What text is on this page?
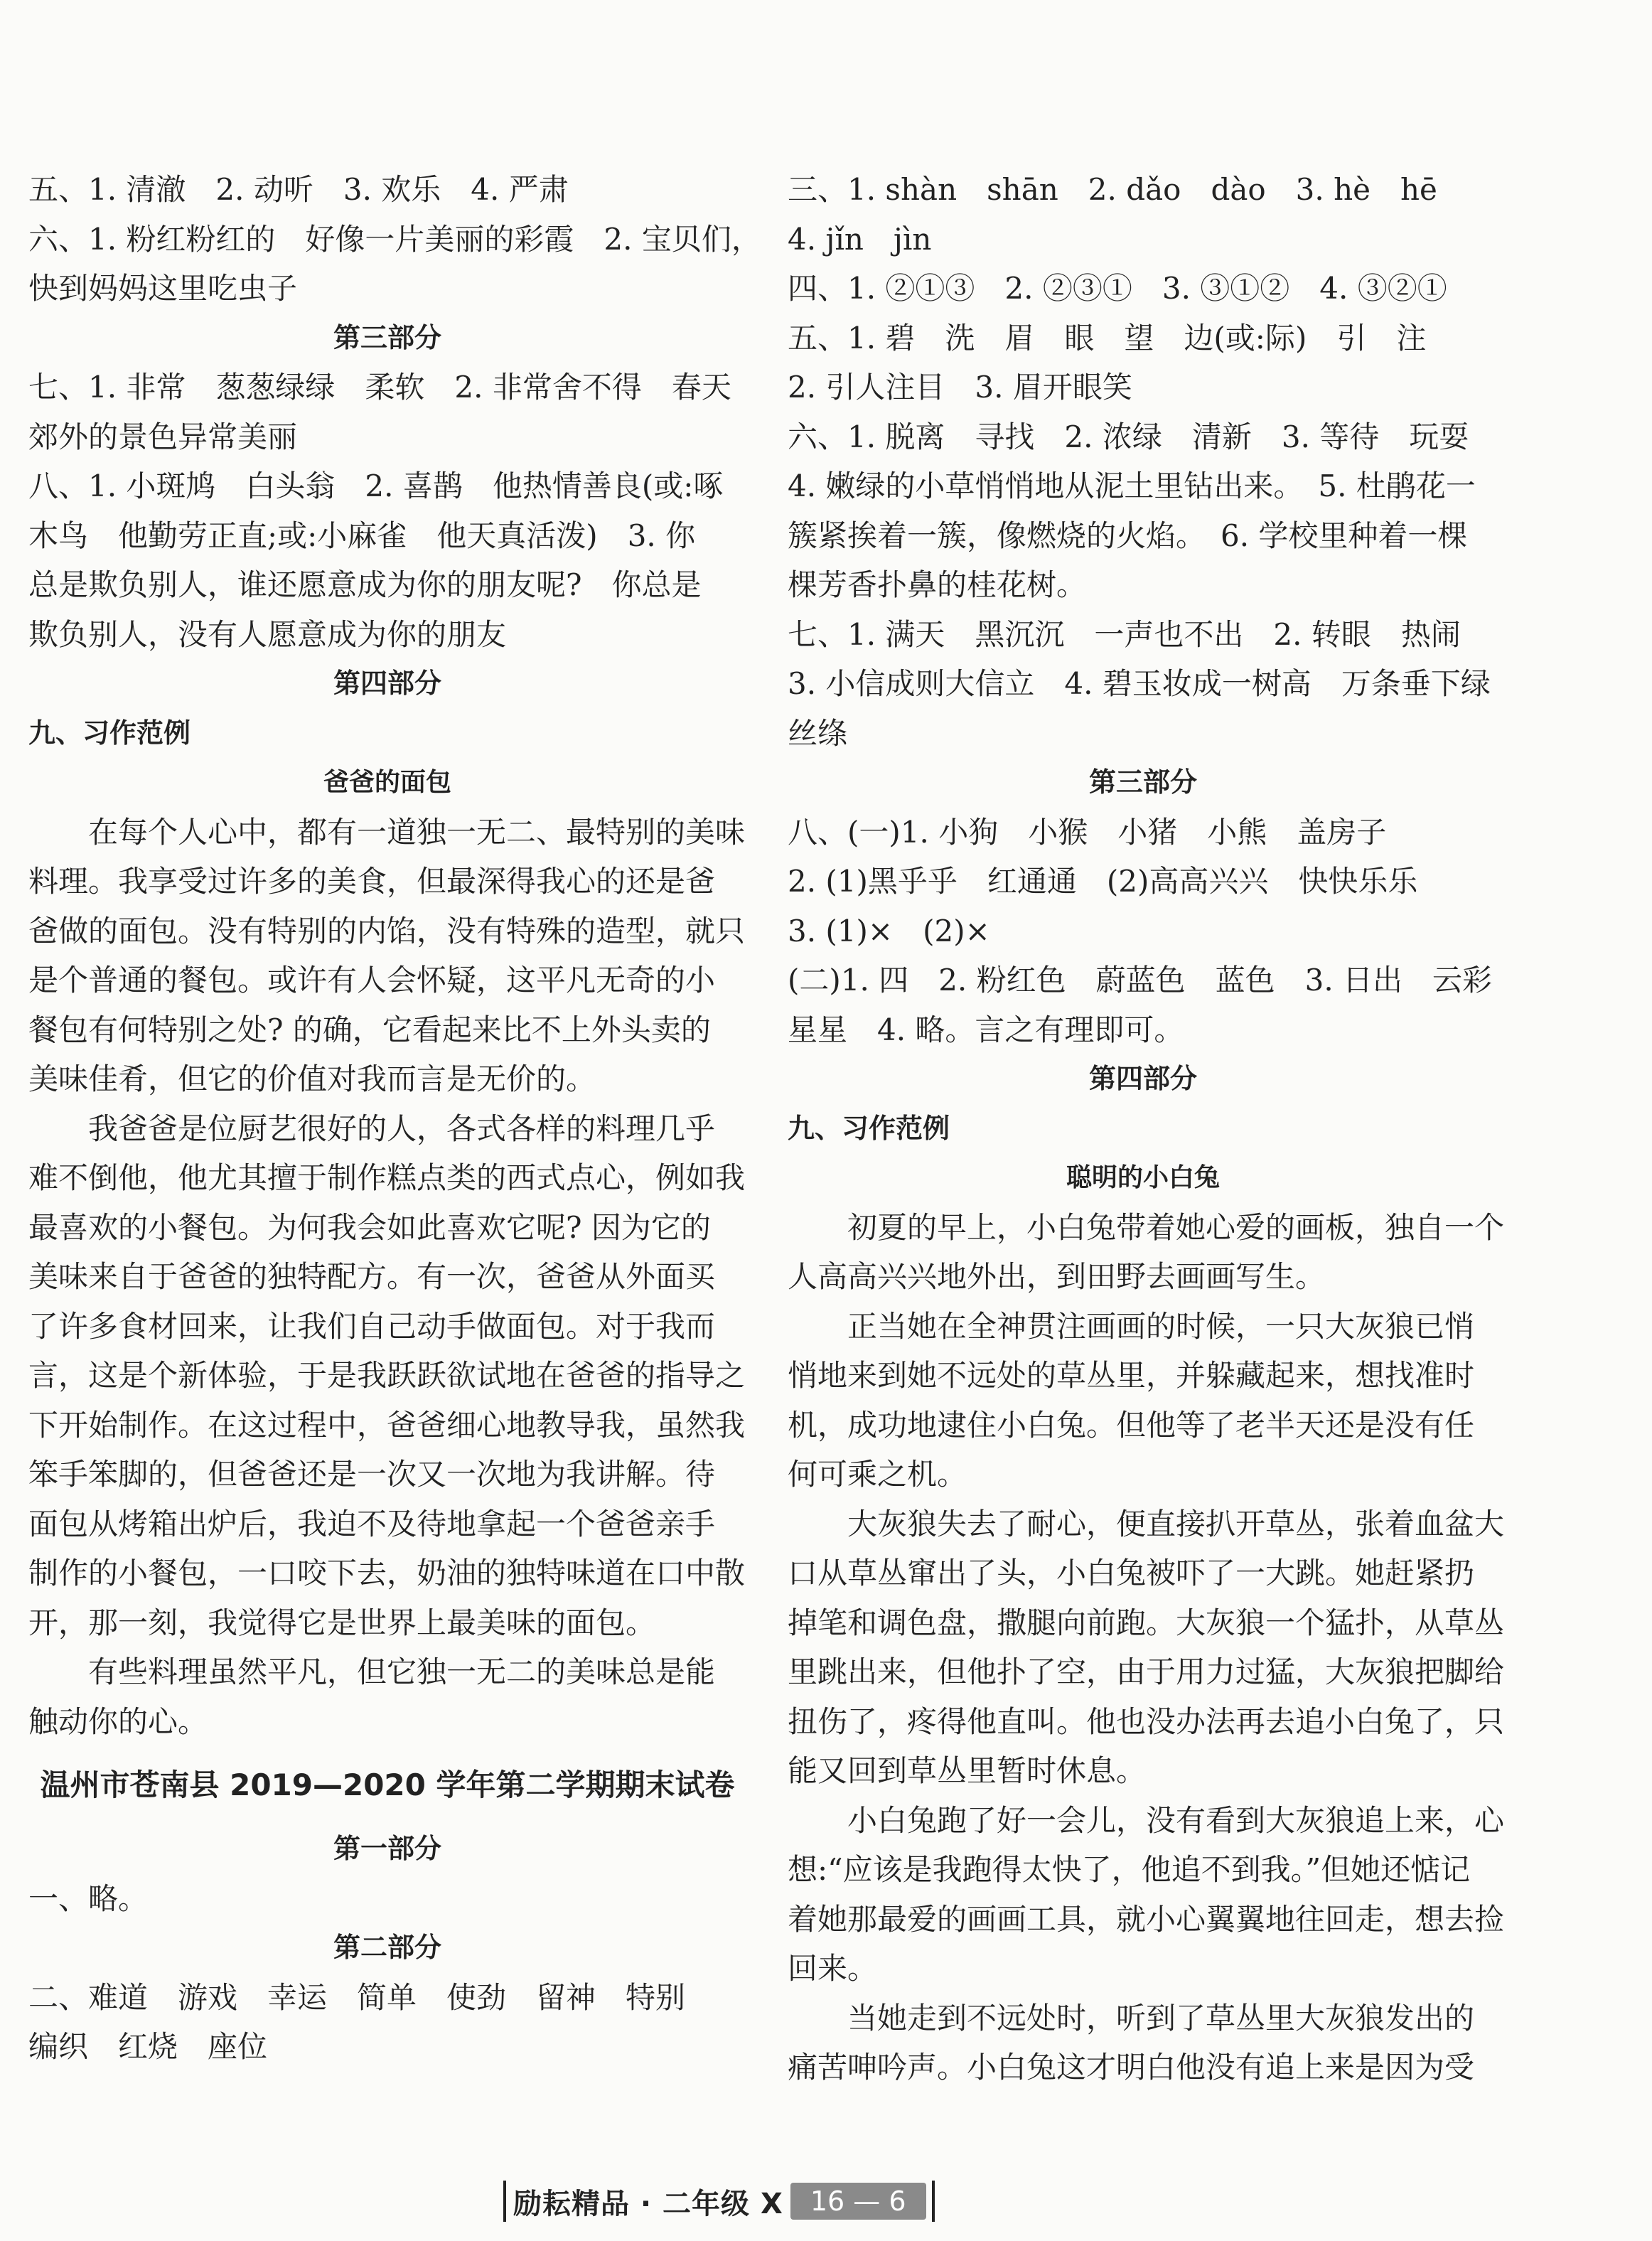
五、1. 清澈　2. 动听　3. 欢乐　4. 严肃
六、1. 粉红粉红的　好像一片美丽的彩霞　2. 宝贝们，
快到妈妈这里吃虫子
第三部分
七、1. 非常　葱葱绿绿　柔软　2. 非常舍不得　春天
郊外的景色异常美丽
八、1. 小斑鸠　白头翁　2. 喜鹊　他热情善良(或:啄
木鸟　他勤劳正直;或:小麻雀　他天真活泼)　3. 你
总是欺负别人，谁还愿意成为你的朋友呢?　你总是
欺负别人，没有人愿意成为你的朋友
第四部分
九、习作范例
爸爸的面包
　　在每个人心中，都有一道独一无二、最特别的美味
料理。我享受过许多的美食，但最深得我心的还是爸
爸做的面包。没有特别的内馅，没有特殊的造型，就只
是个普通的餐包。或许有人会怀疑，这平凡无奇的小
餐包有何特别之处? 的确，它看起来比不上外头卖的
美味佳肴，但它的价值对我而言是无价的。
　　我爸爸是位厨艺很好的人，各式各样的料理几乎
难不倒他，他尤其擅于制作糕点类的西式点心，例如我
最喜欢的小餐包。为何我会如此喜欢它呢? 因为它的
美味来自于爸爸的独特配方。有一次，爸爸从外面买
了许多食材回来，让我们自己动手做面包。对于我而
言，这是个新体验，于是我跃跃欲试地在爸爸的指导之
下开始制作。在这过程中，爸爸细心地教导我，虽然我
笨手笨脚的，但爸爸还是一次又一次地为我讲解。待
面包从烤箱出炉后，我迫不及待地拿起一个爸爸亲手
制作的小餐包，一口咬下去，奶油的独特味道在口中散
开，那一刻，我觉得它是世界上最美味的面包。
　　有些料理虽然平凡，但它独一无二的美味总是能
触动你的心。
温州市苍南县 2019—2020 学年第二学期期末试卷
第一部分
一、略。
第二部分
二、难道　游戏　幸运　简单　使劲　留神　特别
编织　红烧　座位
三、1. shàn　shān　2. dǎo　dào　3. hè　hē
4. jǐn　jìn
四、1. ②①③　2. ②③①　3. ③①②　4. ③②①
五、1. 碧　洗　眉　眼　望　边(或:际)　引　注
2. 引人注目　3. 眉开眼笑
六、1. 脱离　寻找　2. 浓绿　清新　3. 等待　玩耍
4. 嫩绿的小草悄悄地从泥土里钻出来。　5. 杜鹃花一
簇紧挨着一簇，像燃烧的火焰。　6. 学校里种着一棵
棵芳香扑鼻的桂花树。
七、1. 满天　黑沉沉　一声也不出　2. 转眼　热闹
3. 小信成则大信立　4. 碧玉妆成一树高　万条垂下绿
丝绦
第三部分
八、(一)1. 小狗　小猴　小猪　小熊　盖房子
2. (1)黑乎乎　红通通　(2)高高兴兴　快快乐乐
3. (1)×　(2)×
(二)1. 四　2. 粉红色　蔚蓝色　蓝色　3. 日出　云彩
星星　4. 略。言之有理即可。
第四部分
九、习作范例
聪明的小白兔
　　初夏的早上，小白兔带着她心爱的画板，独自一个
人高高兴兴地外出，到田野去画画写生。
　　正当她在全神贯注画画的时候，一只大灰狼已悄
悄地来到她不远处的草丛里，并躲藏起来，想找准时
机，成功地逮住小白兔。但他等了老半天还是没有任
何可乘之机。
　　大灰狼失去了耐心，便直接扒开草丛，张着血盆大
口从草丛窜出了头，小白兔被吓了一大跳。她赶紧扔
掉笔和调色盘，撒腿向前跑。大灰狼一个猛扑，从草丛
里跳出来，但他扑了空，由于用力过猛，大灰狼把脚给
扭伤了，疼得他直叫。他也没办法再去追小白兔了，只
能又回到草丛里暂时休息。
　　小白兔跑了好一会儿，没有看到大灰狼追上来，心
想:“应该是我跑得太快了，他追不到我。”但她还惦记
着她那最爱的画画工具，就小心翼翼地往回走，想去捡
回来。
　　当她走到不远处时，听到了草丛里大灰狼发出的
痛苦呻吟声。小白兔这才明白他没有追上来是因为受
励耘精品 · 二年级 X	16 — 6
